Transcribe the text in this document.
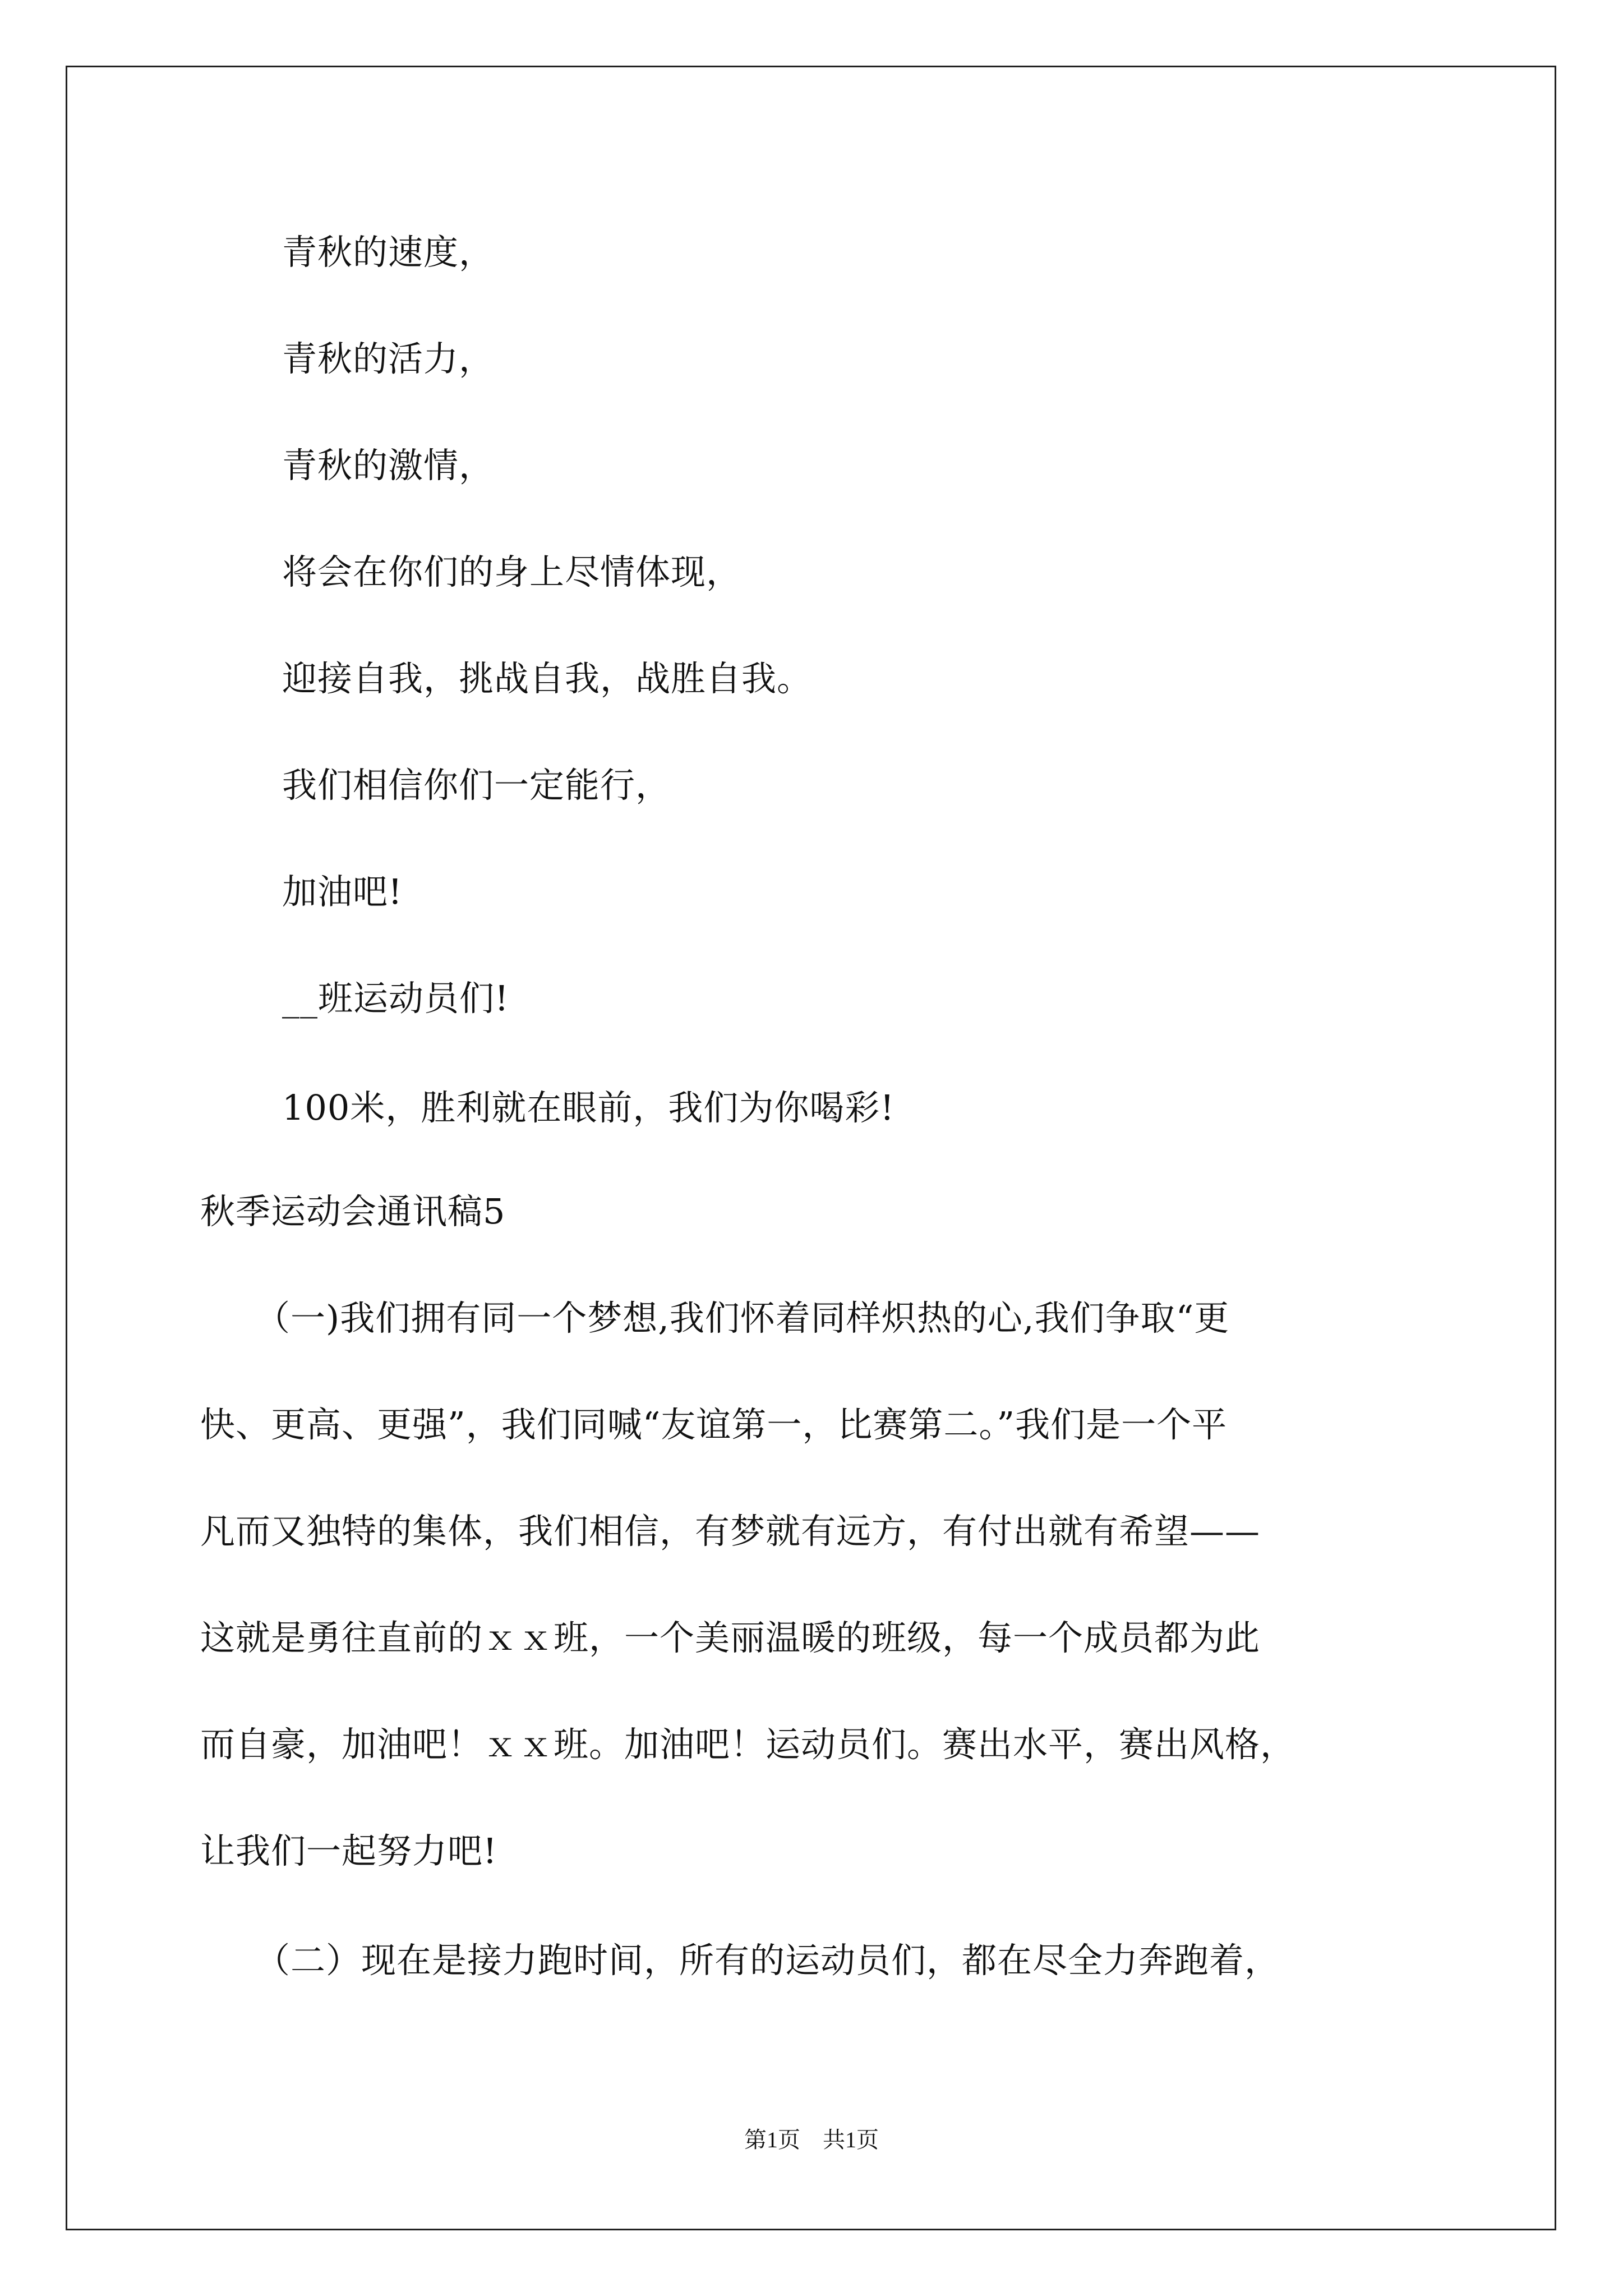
青秋的速度，
青秋的活力，
青秋的激情，
将会在你们的身上尽情体现，
迎接自我，挑战自我，战胜自我。
我们相信你们一定能行，
加油吧!
__班运动员们!
100米，胜利就在眼前，我们为你喝彩!
秋季运动会通讯稿5
（一)我们拥有同一个梦想,我们怀着同样炽热的心,我们争取“更
快、更高、更强”，我们同喊“友谊第一，比赛第二。”我们是一个平
凡而又独特的集体，我们相信，有梦就有远方，有付出就有希望——
这就是勇往直前的ｘｘ班，一个美丽温暖的班级，每一个成员都为此
而自豪，加油吧！ｘｘ班。加油吧！运动员们。赛出水平，赛出风格，
让我们一起努力吧!
（二）现在是接力跑时间，所有的运动员们，都在尽全力奔跑着，
第1页　共1页
